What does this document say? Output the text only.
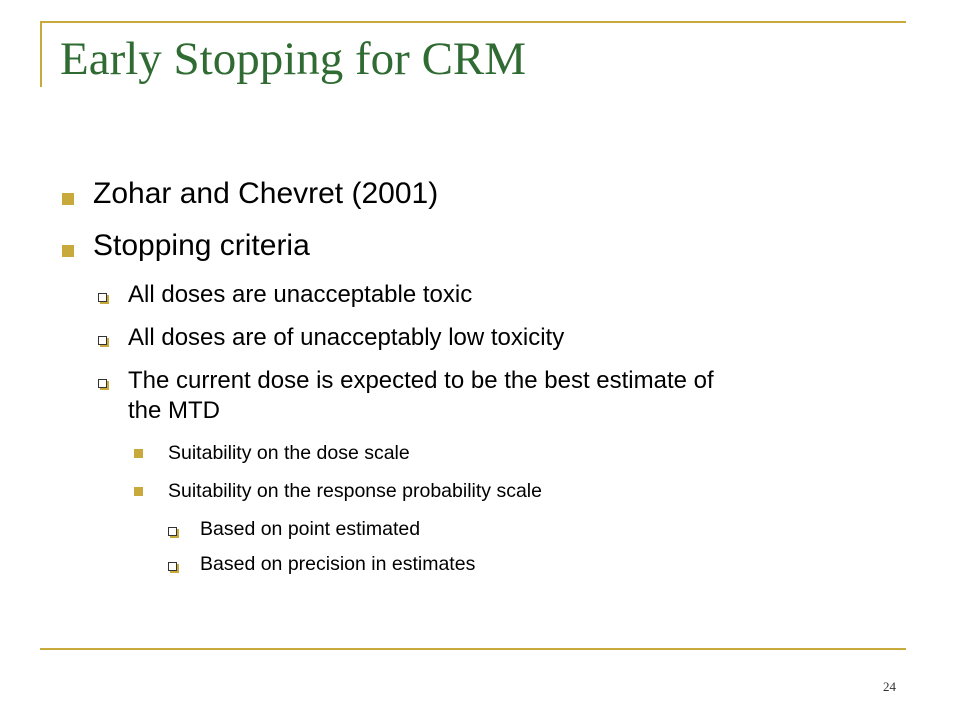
Early Stopping for CRM
Zohar and Chevret (2001)
Stopping criteria
All doses are unacceptable toxic
All doses are of unacceptably low toxicity
The current dose is expected to be the best estimate of the MTD
Suitability on the dose scale
Suitability on the response probability scale
Based on point estimated
Based on precision in estimates
24
